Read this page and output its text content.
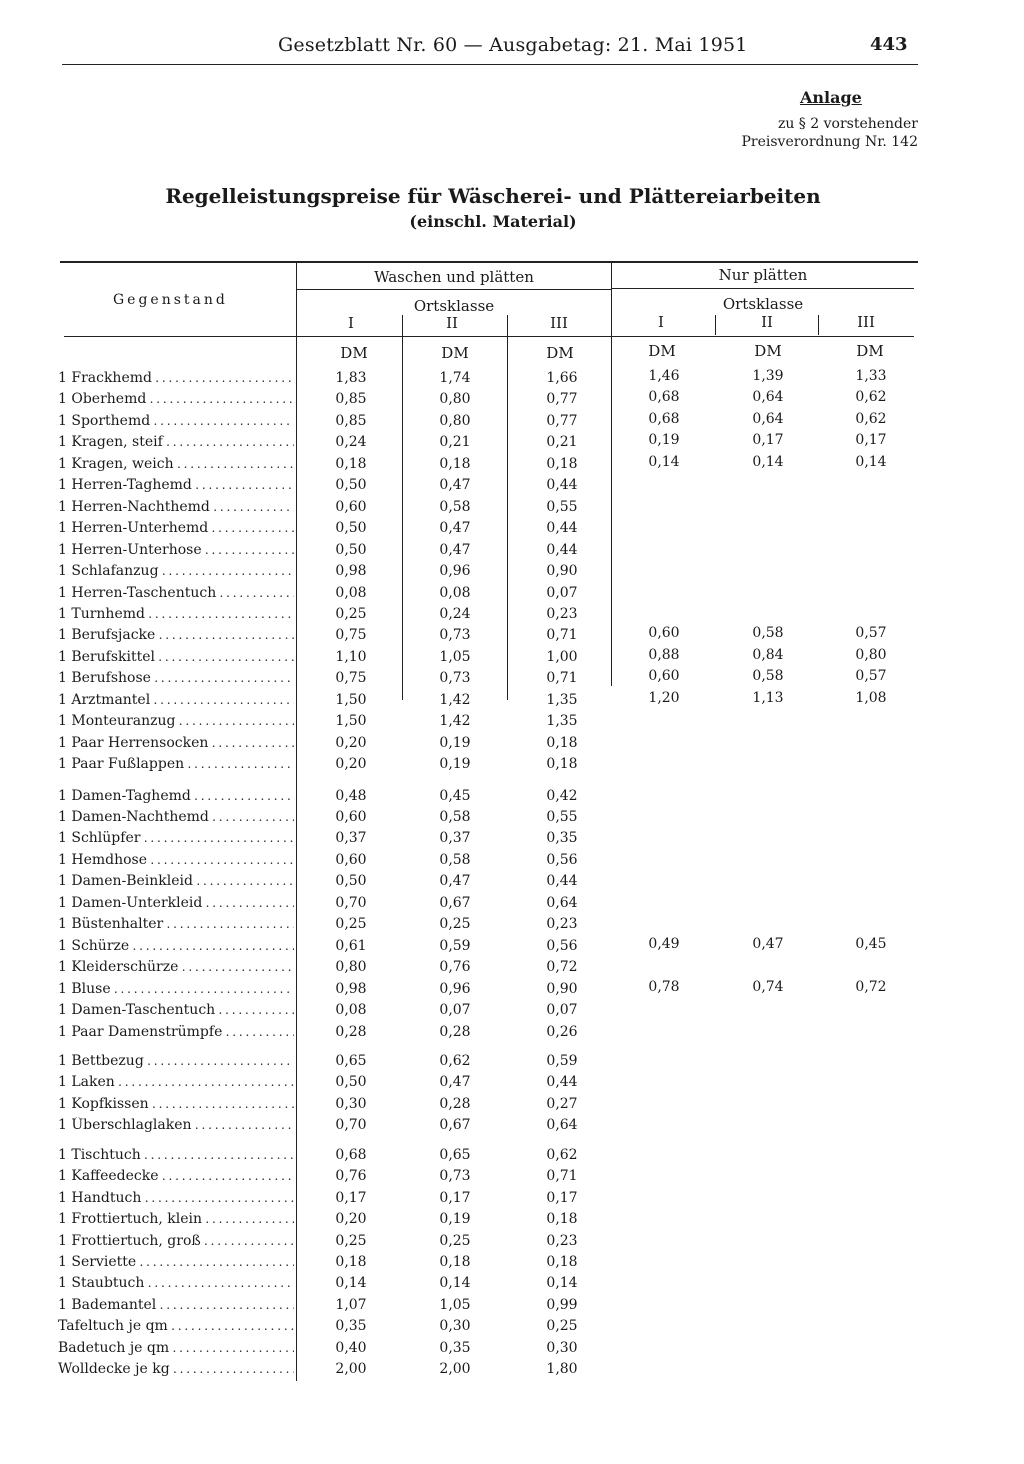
Gesetzblatt Nr. 60 — Ausgabetag: 21. Mai 1951	443
Anlage
zu § 2 vorstehender
Preisverordnung Nr. 142
Regelleistungspreise für Wäscherei- und Plättereiarbeiten
(einschl. Material)
Gegenstand
Waschen und plätten	Nur plätten
Ortsklasse	Ortsklasse
I	II	III	I	II	III
DM	DM	DM	DM	DM	DM
1 Frackhemd . . .	1,83	1,74	1,66	1,46	1,39	1,33
1 Oberhemd . . .	0,85	0,80	0,77	0,68	0,64	0,62
1 Sporthemd . . .	0,85	0,80	0,77	0,68	0,64	0,62
1 Kragen, steif . . .	0,24	0,21	0,21	0,19	0,17	0,17
1 Kragen, weich . . .	0,18	0,18	0,18	0,14	0,14	0,14
1 Herren-Taghemd . . .	0,50	0,47	0,44
1 Herren-Nachthemd . . .	0,60	0,58	0,55
1 Herren-Unterhemd . . .	0,50	0,47	0,44
1 Herren-Unterhose . . .	0,50	0,47	0,44
1 Schlafanzug . . .	0,98	0,96	0,90
1 Herren-Taschentuch . . .	0,08	0,08	0,07
1 Turnhemd . . .	0,25	0,24	0,23
1 Berufsjacke . . .	0,75	0,73	0,71	0,60	0,58	0,57
1 Berufskittel . . .	1,10	1,05	1,00	0,88	0,84	0,80
1 Berufshose . . .	0,75	0,73	0,71	0,60	0,58	0,57
1 Arztmantel . . .	1,50	1,42	1,35	1,20	1,13	1,08
1 Monteuranzug . . .	1,50	1,42	1,35
1 Paar Herrensocken . . .	0,20	0,19	0,18
1 Paar Fußlappen . . .	0,20	0,19	0,18
1 Damen-Taghemd . . .	0,48	0,45	0,42
1 Damen-Nachthemd . . .	0,60	0,58	0,55
1 Schlüpfer . . .	0,37	0,37	0,35
1 Hemdhose . . .	0,60	0,58	0,56
1 Damen-Beinkleid . . .	0,50	0,47	0,44
1 Damen-Unterkleid . . .	0,70	0,67	0,64
1 Büstenhalter . . .	0,25	0,25	0,23
1 Schürze . . .	0,61	0,59	0,56	0,49	0,47	0,45
1 Kleiderschürze . . .	0,80	0,76	0,72
1 Bluse . . .	0,98	0,96	0,90	0,78	0,74	0,72
1 Damen-Taschentuch . . .	0,08	0,07	0,07
1 Paar Damenstrümpfe . . .	0,28	0,28	0,26
1 Bettbezug . . .	0,65	0,62	0,59
1 Laken . . .	0,50	0,47	0,44
1 Kopfkissen . . .	0,30	0,28	0,27
1 Überschlaglaken . . .	0,70	0,67	0,64
1 Tischtuch . . .	0,68	0,65	0,62
1 Kaffeedecke . . .	0,76	0,73	0,71
1 Handtuch . . .	0,17	0,17	0,17
1 Frottiertuch, klein . . .	0,20	0,19	0,18
1 Frottiertuch, groß . . .	0,25	0,25	0,23
1 Serviette . . .	0,18	0,18	0,18
1 Staubtuch . . .	0,14	0,14	0,14
1 Bademantel . . .	1,07	1,05	0,99
Tafeltuch je qm . . .	0,35	0,30	0,25
Badetuch je qm . . .	0,40	0,35	0,30
Wolldecke je kg . . .	2,00	2,00	1,80
